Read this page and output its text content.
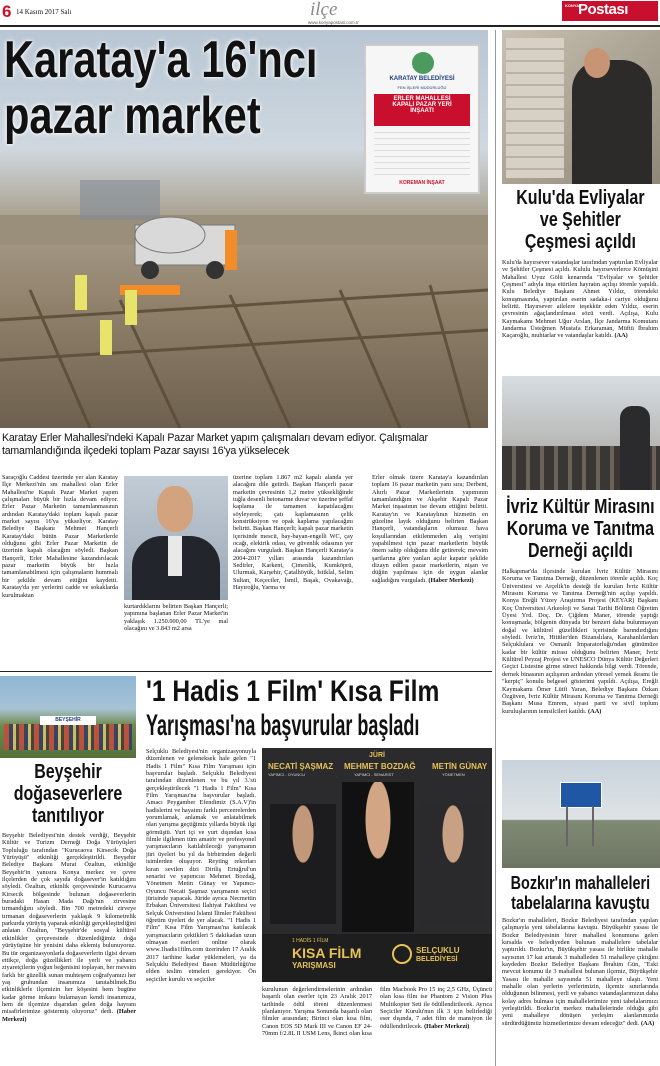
6 14 Kasım 2017 Salı	ilçe
www.konyapostasi.com.tr
KONYA
Postası
Karatay'a 16'ncı
pazar market
KARATAY BELEDİYESİ
FEN İŞLERİ MÜDÜRLÜĞÜ
ERLER MAHALLESİ
KAPALI PAZAR YERİ
İNŞAATI
KOREMAN İNŞAAT
Karatay Erler Mahallesi'ndeki Kapalı Pazar Market yapım çalışmaları devam ediyor. Çalışmalar tamamlandığında ilçedeki toplam Pazar sayısı 16'ya yükselecek
Saraçoğlu Caddesi üzerinde yer alan Karatay İlçe Merkezi'nin sm mahallesi olan Erler Mahallesi'ne Kapalı Pazar Market yapım çalışmaları büyük bir hızla devam ediyor. Erler Pazar Marketin tamamlanmasının ardından Karatay'daki toplam kapalı pazar market sayısı 16'ya yükseliyor. Karatay Belediye Başkanı Mehmet Hançerli Karatay'daki bütün Pazar Marketlerde olduğunu gibi Erler Pazar Marketin de üzerinin kapalı olacağını söyledi. Başkan Hançerli, Erler Mahallesine kazandırılacak pazar marketin büyük bir hızla tamamlanabilmesi için çalışmaların hummalı bir şekilde devam ettiğini kaydetti. Karatay'da yer yerlerini cadde ve sokaklarda kurulmaktan
kurtardıklarını belirten Başkan Hançerli; yapımına başlanan Erler Pazar Market'in yaklaşık 1.250.000,00 TL'ye mal olacağını ve 3.843 m2 arsa
üzerine toplam 1.867 m2 kapalı alanda yer alacağını dile getirdi. Başkan Hançerli pazar marketin çevresinin 1,2 metre yüksekliğinde tuğla desenli betonarme duvar ve üzerine şeffaf kaplama ile tamamen kapatılacağını söyleyerek; çatı kaplamasının çelik konstrüksiyon ve opak kaplama yapılacağını belirtti. Başkan Hançerli; kapalı pazar marketin içerisinde mescit, bay-bayan-engelli WC, çay ocağı, elektrik odası, ve güvenlik odasının yer alacağını vurguladı. Başkan Hançerli Karatay'a 2004-2017 yılları arasında kazandırılan Sedirler, Karkent, Çimenlik, Kumköprü, Ulurmak, Karşehir, Çatalhöyük, İstiklal, Selim Sultan, Keçeciler, İsmil, Başak, Ovakavağı, Hayıroğlu, Yarma ve
Erler olmak üzere Karatay'a kazandırılan toplam 16 pazar marketin yanı sıra; Derbent, Ahırlı Pazar Marketlerinin yapımının tamamlandığını ve Akşehir Kapalı Pazar Market inşaatının ise devam ettiğini belirtti. Karatay'ın ve Karataylının hizmetin en güzeline layık olduğunu belirten Başkan Hançerli, vatandaşların olumsuz hava koşullarından etkilenmeden alış verişini yapabilmesi için pazar marketlerin büyük önem sahip olduğunu dile getirerek; mevsim şartlarına göre yanları açılır kapatır şekilde dizayn edilen pazar marketlerin, nişan ve düğün yapılması için de uygun alanlar sağladığını vurguladı. (Haber Merkezi)
Kulu'da Evliyalar
ve Şehitler
Çeşmesi açıldı
Kulu'da hayırsever vatandaşlar tarafından yaptırılan Evliyalar ve Şehitler Çeşmesi açıldı. Kululu hayırseverlerce Kömüşini Mahallesi Uyuz Gölü kenarında "Evliyalar ve Şehitler Çeşmesi" adıyla inşa ettirilen hayratın açılışı törenle yapıldı. Kulu Belediye Başkanı Ahmet Yıldız, törendeki konuşmasında, yaptırılan eserin sadaka-i cariye olduğunu belirtti. Hayırsever ailelere teşekkür eden Yıldız, eserin çevresinin ağaçlandırılması sözü verdi. Açılışa, Kulu Kaymakamı Mehmet Uğur Arslan, İlçe Jandarma Komutanı Jandarma Üsteğmen Mustafa Erkaraman, Müftü İbrahim Kaçaroğlu, muhtarlar ve vatandaşlar katıldı. (AA)
İvriz Kültür Mirasını
Koruma ve Tanıtma
Derneği açıldı
Halkapınar'da ilçesinde kurulan İvriz Kültür Mirasını Koruma ve Tanıtma Derneği, düzenlenen törenle açıldı. Koç Üniversitesi ve Arçelik'in desteği ile kurulan İvriz Kültür Mirasını Koruma ve Tanıtma Derneği'nin açılışı yapıldı. Konya Ereğli Yüzey Araştırma Projesi (KEYAR) Başkanı Koç Üniversitesi Arkeoloji ve Sanat Tarihi Bölümü Öğretim Üyesi Yrd. Doç. Dr. Çiğdem Maner, törende yaptığı konuşmada, bölgenin dünyada bir benzeri daha bulunmayan doğal ve kültürel güzellikleri içerisinde barındırdığını söyledi. İvriz'in, Hititler'den Bizanslılara, Karahanlılardan Selçuklulara ve Osmanlı İmparatorluğu'ndan günümüze kadar bir kültür mirası olduğunu belirten Maner, İvriz Kültürel Peyzaj Projesi ve UNESCO Dünya Kültür Değerleri Geçici Listesine girme süreci hakkında bilgi verdi. Törende, dernek binasının açılışının ardından yöresel yemek ikramı ile "kerpiç" konulu belgesel gösterimi yapıldı. Açılışa, Ereğli Kaymakamı Ömer Lütfi Yaran, Belediye Başkanı Özkan Özgüven, İvriz Kültür Mirasını Koruma ve Tanıtma Derneği Başkanı Musa Emrem, siyasi parti ve sivil toplum kuruluşlarının temsilcileri katıldı. (AA)
Bozkır'ın mahalleleri
tabelalarına kavuştu
Bozkır'ın mahalleleri, Bozkır Belediyesi tarafından yapılan çalışmayla yeni tabelalarına kavuştu. Büyükşehir yasası ile Bozkır Belediyesinin birer mahallesi konumuna gelen kırsalda ve belediyeden bulunan mahallelere tabelalar yaptırıldı. Bozkır'ın, Büyükşehir yasası ile birlikte mahalle sayısının 17 kat artarak 3 mahalleden 51 mahalleye çıktığını kaydeden Bozkır Belediye Başkanı İbrahim Gün, "Eski mevcut konumu ile 3 mahallesi bulunan ilçemiz, Büyükşehir Yasası ile mahalle sayısında 51 mahalleye ulaştı. Yeni mahalle olan yerlerin yerlerimizin, ilçemiz sınırlarında olduğunun bilinmesi, yerli ve yabancı vatandaşlarımızın daha kolay adres bulması için mahallelerimize yeni tabelalarımızı yerleştirildi. Bozkır'ın merkez mahallelerinde olduğu gibi yeni mahalleye dönüşen yerleşim alanlarımızda sürdürdüğümüz hizmetlerimize devam edeceğiz" dedi. (AA)
BEYŞEHİR
Beyşehir
doğaseverlere
tanıtılıyor
Beyşehir Belediyesi'nin destek verdiği, Beyşehir Kültür ve Turizm Derneği Doğa Yürüyüşleri Topluluğu tarafından "Kurucaova Kirsecik Doğa Yürüyüşü" etkinliği gerçekleştirildi. Beyşehir Belediye Başkanı Murat Özaltun, etkinliğe Beyşehir'in yanısıra Konya merkez ve çevre ilçelerden de çok sayıda doğasever'in katıldığını söyledi. Özaltun, etkinlik çerçevesinde Kurucaova Kirsecik bölgesinde bulunan doğaseverlerin buradaki Hasan Mada Dağı'nın zirvesine tırmandığını söyledi. Bin 700 metredeki zirveye tırmanan doğaseverlerin yaklaşık 9 kilometrelik parkurda yürüyüş yaparak etkinliği gerçekleştirdiğini anlatan Özaltun, "Beyşehir'de sosyal kültürel etkinlikler çerçevesinde düzenlediğimiz doğa yürüyüşüne bir yenisini daha eklemiş bulunuyoruz. Bu tür organizasyonlarla doğaseverlerin ilgisi devam ettikçe, doğa güzellikleri ile yerli ve yabancı ziyaretçilerin yoğun beğenisini toplayan, her mevsim farklı bir güzellik sunan muhteşem coğrafyamızı her yaş grubundan insanımıza tanıtabilmek.Bu etkinliklerle ilçemizin her köşesini hem bugüne kadar görme imkanı bulamayan kendi insanımıza, hem de ilçemize dışarıdan gelen doğa hayranı misafirlerimize göstermiş oluyoruz" dedi. (Haber Merkezi)
'1 Hadis 1 Film' Kısa Film
Yarışması'na başvurular başladı
Selçuklu Belediyesi'nin organizasyonuyla düzenlenen ve geleneksek hale gelen "1 Hadis 1 Film" Kısa Film Yarışması için başvurular başladı. Selçuklu Belediyesi tarafından düzenlenen ve bu yıl 3.'sü gerçekleştirilecek "1 Hadis 1 Film" Kısa Film Yarışması'na başvurular başladı. Amacı Peygamber Efendimiz (S.A.V)'in hadislerini ve hayatını farklı perceerelerden yorumlamak, anlamak ve anlatabilmek olan yarışma geçtiğimiz yıllarda büyük ilgi görmüştü. Yurt içi ve yurt dışından kısa filmle ilgilenen tüm amatör ve profesyonel yarışmacıların katılabileceği yarışmanın jüri üyeleri bu yıl da birbirinden değerli isimlerden oluşuyor. Reyting rekorları kıran sevilen dizi Diriliş Ertuğrul'un senarist ve yapımcısı Mehmet Bozdağ, Yönetmen Metin Günay ve Yapımcı-Oyuncu Necati Şaşmaz yarışmanın seçici jürisinde yapacak. Jüride ayrıca Necmettin Erbakan Üniversitesi İlahiyat Fakültesi ve Selçuk Üniversitesi İslami İlimler Fakültesi öğretim üyeleri de yer alacak. "1 Hadis 1 Film" Kısa Film Yarışması'na katılacak yarışmacıların çektikleri 5 dakikadan uzun olmayan eserleri online olarak www.1hadis1film.com üzerinden 17 Aralık 2017 tarihine kadar yüklemeleri, ya da Selçuklu Belediyesi Basın Müdürlüğü'ne elden teslim etmeleri gerekiyor. Ön seçiciler kurulu ve seçiciler
JÜRİ
NECATİ ŞAŞMAZ
YAPIMCI - OYUNCU
MEHMET BOZDAĞ
YAPIMCI - SENARİST
METİN GÜNAY
YÖNETMEN
1 HADİS 1 FİLM
KISA FİLM
YARIŞMASI
SELÇUKLU
BELEDİYESİ
kurulunun değerlendirmelerinin ardından başarılı olan eserler için 23 Aralık 2017 tarihinde ödül töreni düzenlenmesi planlanıyor. Yarışma Sonunda başarılı olan filmler arasından; Birinci olan kısa film, Canon EOS 5D Mark III ve Canon EF 24-70mm f/2.8L II USM Lens, İkinci olan kısa
film Macbook Pro 15 inç 2,5 GHz, Üçüncü olan kısa film ise Phantom 2 Vision Plus Multikopter Seti ile ödüllendirilecek. Ayrıca Seçiciler Kurulu'nun ilk 3 için belirlediği eser dışında, 7 adet film de mansiyon ile ödüllendirilecek. (Haber Merkezi)
